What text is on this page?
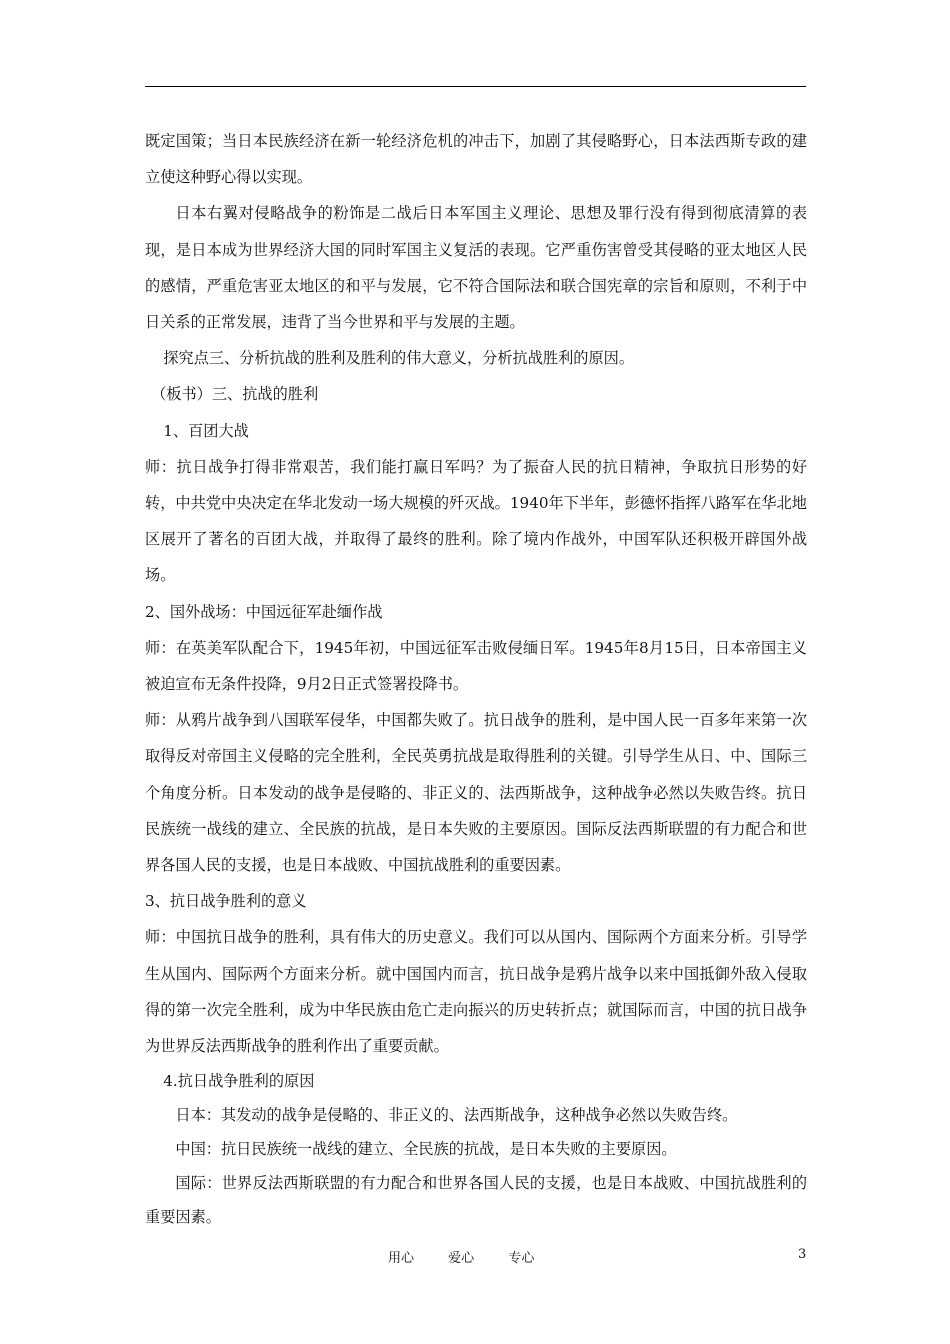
既定国策；当日本民族经济在新一轮经济危机的冲击下，加剧了其侵略野心，日本法西斯专政的建立使这种野心得以实现。

日本右翼对侵略战争的粉饰是二战后日本军国主义理论、思想及罪行没有得到彻底清算的表现，是日本成为世界经济大国的同时军国主义复活的表现。它严重伤害曾受其侵略的亚太地区人民的感情，严重危害亚太地区的和平与发展，它不符合国际法和联合国宪章的宗旨和原则，不利于中日关系的正常发展，违背了当今世界和平与发展的主题。

探究点三、分析抗战的胜利及胜利的伟大意义，分析抗战胜利的原因。

（板书）三、抗战的胜利

1、百团大战

师：抗日战争打得非常艰苦，我们能打赢日军吗？为了振奋人民的抗日精神，争取抗日形势的好转，中共党中央决定在华北发动一场大规模的歼灭战。1940年下半年，彭德怀指挥八路军在华北地区展开了著名的百团大战，并取得了最终的胜利。除了境内作战外，中国军队还积极开辟国外战场。

2、国外战场：中国远征军赴缅作战

师：在英美军队配合下，1945年初，中国远征军击败侵缅日军。1945年8月15日，日本帝国主义被迫宣布无条件投降，9月2日正式签署投降书。

师：从鸦片战争到八国联军侵华，中国都失败了。抗日战争的胜利，是中国人民一百多年来第一次取得反对帝国主义侵略的完全胜利，全民英勇抗战是取得胜利的关键。引导学生从日、中、国际三个角度分析。日本发动的战争是侵略的、非正义的、法西斯战争，这种战争必然以失败告终。抗日民族统一战线的建立、全民族的抗战，是日本失败的主要原因。国际反法西斯联盟的有力配合和世界各国人民的支援，也是日本战败、中国抗战胜利的重要因素。

3、抗日战争胜利的意义

师：中国抗日战争的胜利，具有伟大的历史意义。我们可以从国内、国际两个方面来分析。引导学生从国内、国际两个方面来分析。就中国国内而言，抗日战争是鸦片战争以来中国抵御外敌入侵取得的第一次完全胜利，成为中华民族由危亡走向振兴的历史转折点；就国际而言，中国的抗日战争为世界反法西斯战争的胜利作出了重要贡献。

4.抗日战争胜利的原因

日本：其发动的战争是侵略的、非正义的、法西斯战争，这种战争必然以失败告终。

中国：抗日民族统一战线的建立、全民族的抗战，是日本失败的主要原因。

国际：世界反法西斯联盟的有力配合和世界各国人民的支援，也是日本战败、中国抗战胜利的重要因素。

用心	爱心	专心	3
